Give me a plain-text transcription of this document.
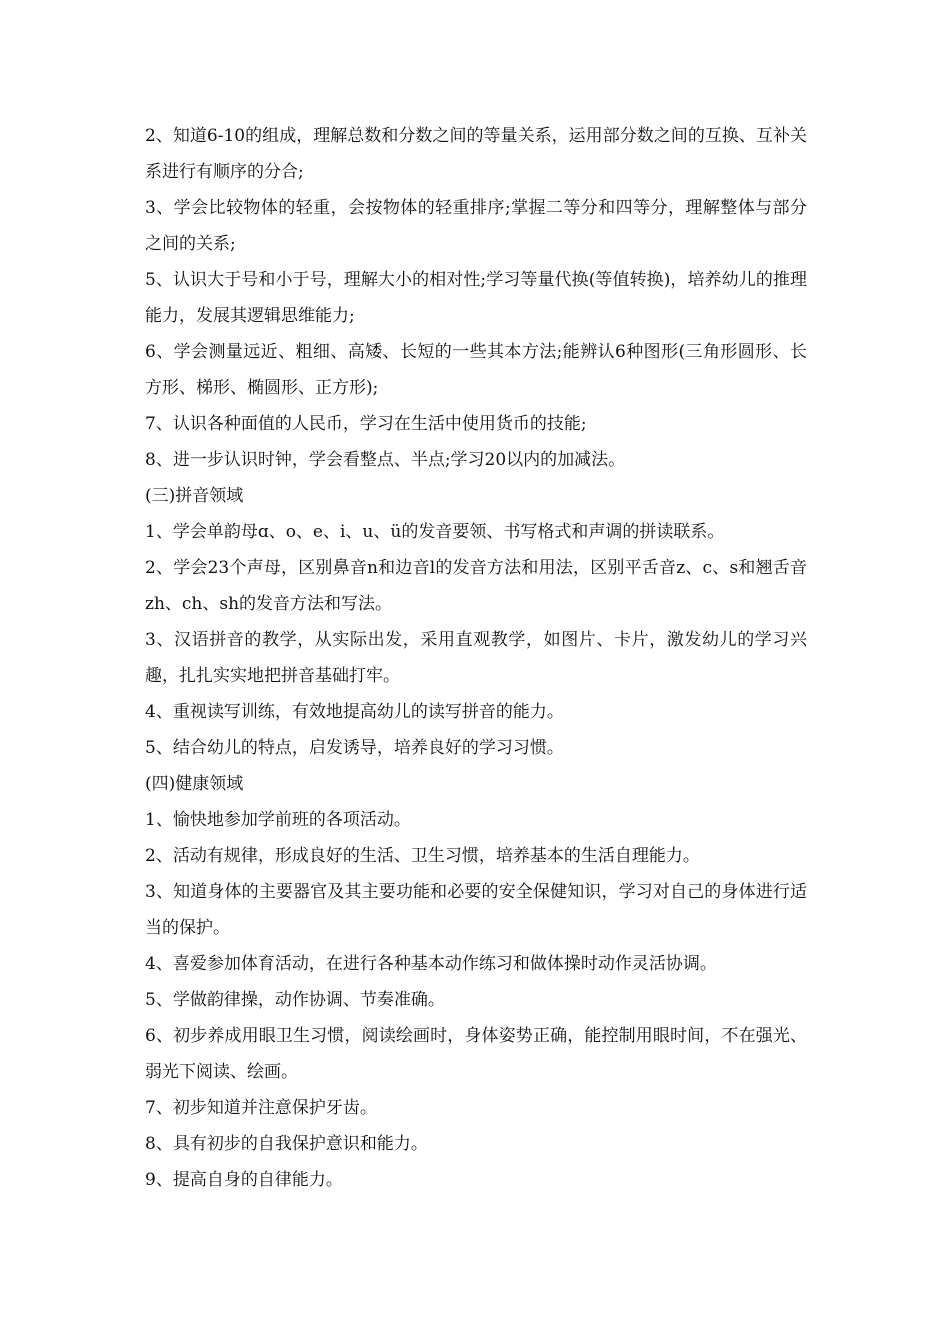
2、知道6-10的组成，理解总数和分数之间的等量关系，运用部分数之间的互换、互补关系进行有顺序的分合;

3、学会比较物体的轻重，会按物体的轻重排序;掌握二等分和四等分，理解整体与部分之间的关系;

5、认识大于号和小于号，理解大小的相对性;学习等量代换(等值转换)，培养幼儿的推理能力，发展其逻辑思维能力;

6、学会测量远近、粗细、高矮、长短的一些其本方法;能辨认6种图形(三角形圆形、长方形、梯形、椭圆形、正方形);

7、认识各种面值的人民币，学习在生活中使用货币的技能;

8、进一步认识时钟，学会看整点、半点;学习20以内的加减法。

(三)拼音领域

1、学会单韵母ɑ、o、e、i、u、ü的发音要领、书写格式和声调的拼读联系。

2、学会23个声母，区别鼻音n和边音l的发音方法和用法，区别平舌音z、c、s和翘舌音zh、ch、sh的发音方法和写法。

3、汉语拼音的教学，从实际出发，采用直观教学，如图片、卡片，激发幼儿的学习兴趣，扎扎实实地把拼音基础打牢。

4、重视读写训练，有效地提高幼儿的读写拼音的能力。

5、结合幼儿的特点，启发诱导，培养良好的学习习惯。

(四)健康领域

1、愉快地参加学前班的各项活动。

2、活动有规律，形成良好的生活、卫生习惯，培养基本的生活自理能力。

3、知道身体的主要器官及其主要功能和必要的安全保健知识，学习对自己的身体进行适当的保护。

4、喜爱参加体育活动，在进行各种基本动作练习和做体操时动作灵活协调。

5、学做韵律操，动作协调、节奏准确。

6、初步养成用眼卫生习惯，阅读绘画时，身体姿势正确，能控制用眼时间，不在强光、弱光下阅读、绘画。

7、初步知道并注意保护牙齿。

8、具有初步的自我保护意识和能力。

9、提高自身的自律能力。
